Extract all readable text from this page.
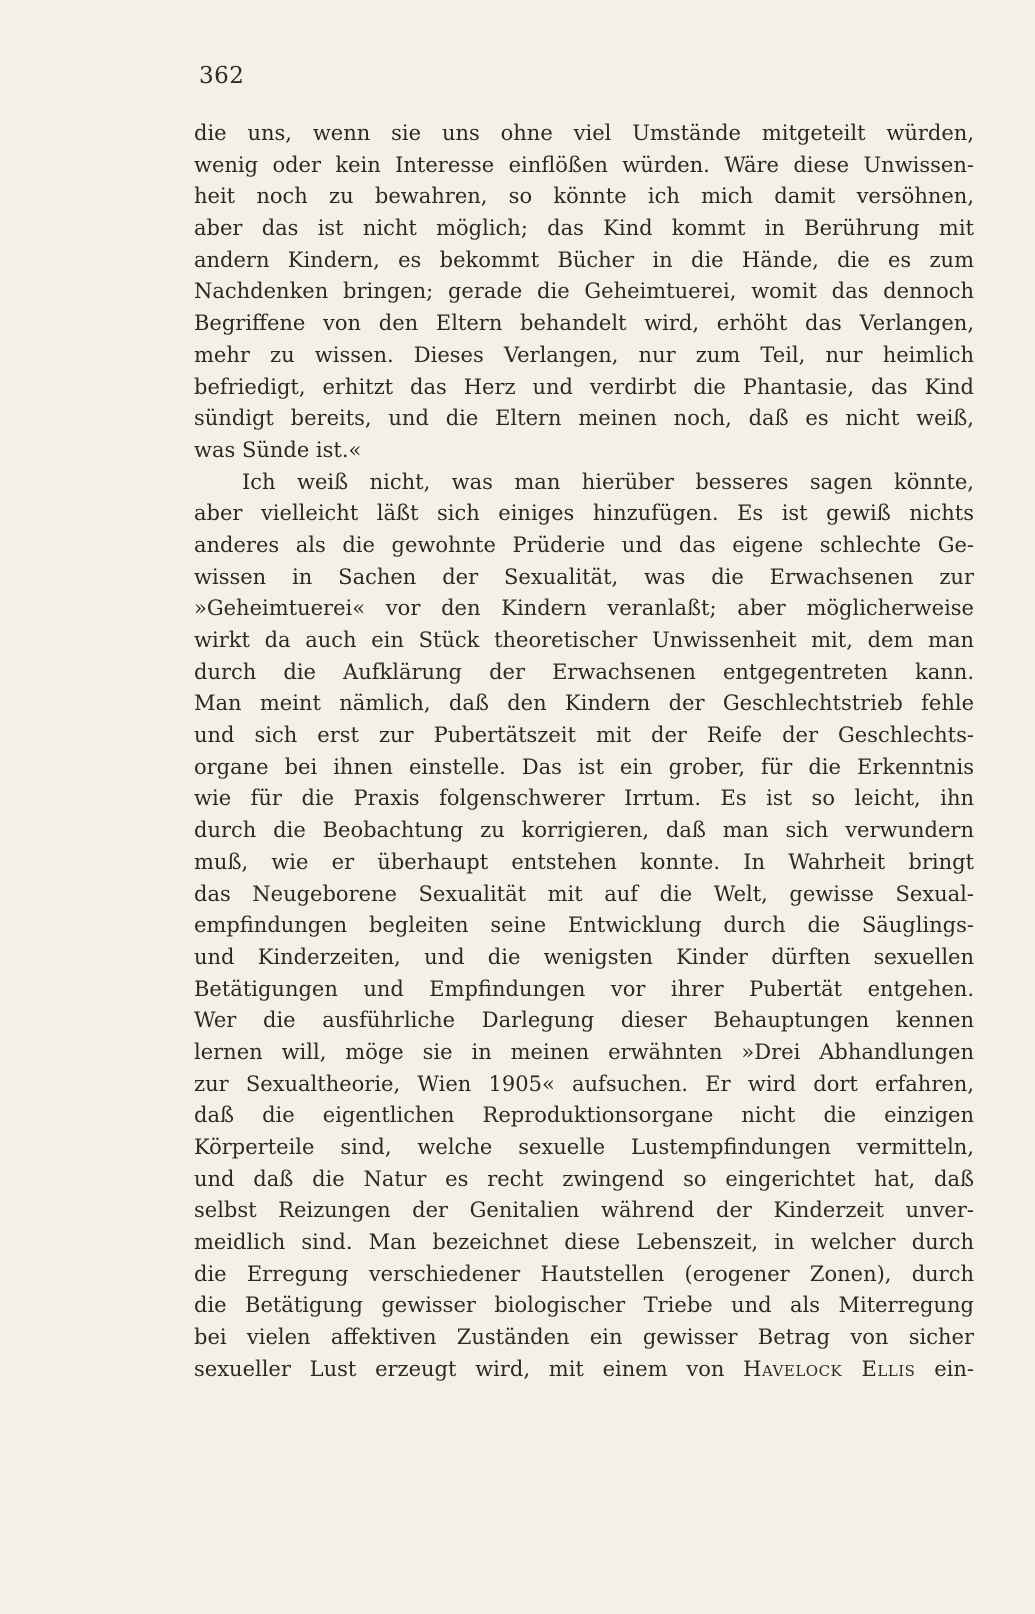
362
die uns, wenn sie uns ohne viel Umstände mitgeteilt würden,
wenig oder kein Interesse einflößen würden. Wäre diese Unwissen-
heit noch zu bewahren, so könnte ich mich damit versöhnen,
aber das ist nicht möglich; das Kind kommt in Berührung mit
andern Kindern, es bekommt Bücher in die Hände, die es zum
Nachdenken bringen; gerade die Geheimtuerei, womit das dennoch
Begriffene von den Eltern behandelt wird, erhöht das Verlangen,
mehr zu wissen. Dieses Verlangen, nur zum Teil, nur heimlich
befriedigt, erhitzt das Herz und verdirbt die Phantasie, das Kind
sündigt bereits, und die Eltern meinen noch, daß es nicht weiß,
was Sünde ist.«
Ich weiß nicht, was man hierüber besseres sagen könnte,
aber vielleicht läßt sich einiges hinzufügen. Es ist gewiß nichts
anderes als die gewohnte Prüderie und das eigene schlechte Ge-
wissen in Sachen der Sexualität, was die Erwachsenen zur
»Geheimtuerei« vor den Kindern veranlaßt; aber möglicherweise
wirkt da auch ein Stück theoretischer Unwissenheit mit, dem man
durch die Aufklärung der Erwachsenen entgegentreten kann.
Man meint nämlich, daß den Kindern der Geschlechtstrieb fehle
und sich erst zur Pubertätszeit mit der Reife der Geschlechts-
organe bei ihnen einstelle. Das ist ein grober, für die Erkenntnis
wie für die Praxis folgenschwerer Irrtum. Es ist so leicht, ihn
durch die Beobachtung zu korrigieren, daß man sich verwundern
muß, wie er überhaupt entstehen konnte. In Wahrheit bringt
das Neugeborene Sexualität mit auf die Welt, gewisse Sexual-
empfindungen begleiten seine Entwicklung durch die Säuglings-
und Kinderzeiten, und die wenigsten Kinder dürften sexuellen
Betätigungen und Empfindungen vor ihrer Pubertät entgehen.
Wer die ausführliche Darlegung dieser Behauptungen kennen
lernen will, möge sie in meinen erwähnten »Drei Abhandlungen
zur Sexualtheorie, Wien 1905« aufsuchen. Er wird dort erfahren,
daß die eigentlichen Reproduktionsorgane nicht die einzigen
Körperteile sind, welche sexuelle Lustempfindungen vermitteln,
und daß die Natur es recht zwingend so eingerichtet hat, daß
selbst Reizungen der Genitalien während der Kinderzeit unver-
meidlich sind. Man bezeichnet diese Lebenszeit, in welcher durch
die Erregung verschiedener Hautstellen (erogener Zonen), durch
die Betätigung gewisser biologischer Triebe und als Miterregung
bei vielen affektiven Zuständen ein gewisser Betrag von sicher
sexueller Lust erzeugt wird, mit einem von Havelock Ellis ein-
